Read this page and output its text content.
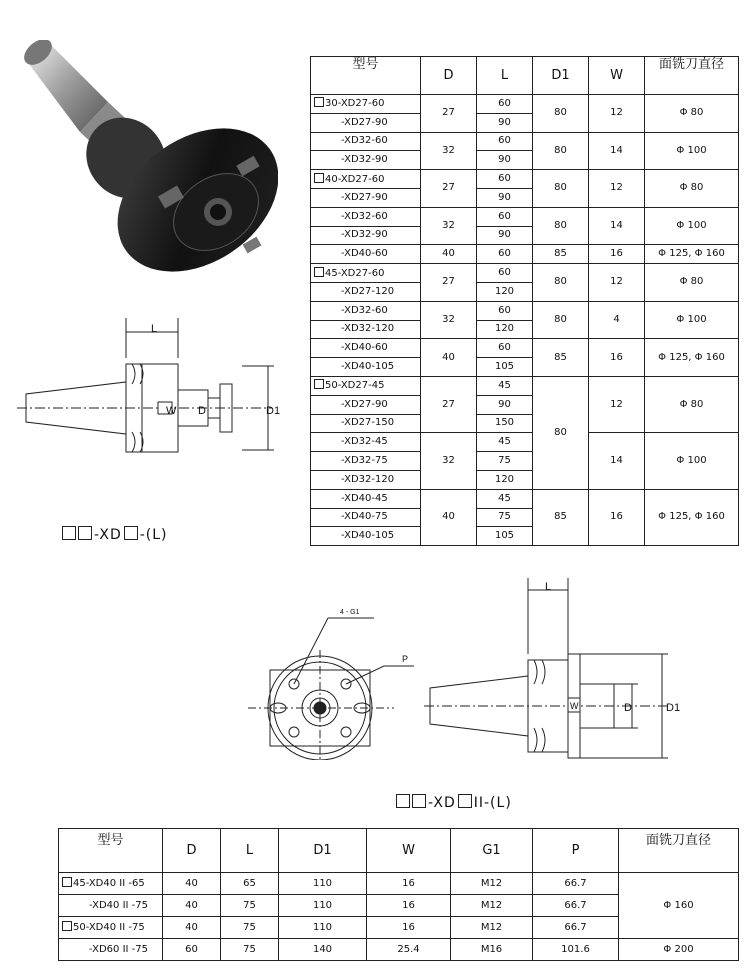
L
W D	D1
-XD -(L)
型号	D	L	D1	W	面铣刀直径
30-XD27-60	27	60	80	12	Φ 80
-XD27-90		90			
-XD32-60	32	60	80	14	Φ 100
-XD32-90		90			
40-XD27-60	27	60	80	12	Φ 80
-XD27-90		90			
-XD32-60	32	60	80	14	Φ 100
-XD32-90		90			
-XD40-60	40	60	85	16	Φ 125, Φ 160
45-XD27-60	27	60	80	12	Φ 80
-XD27-120		120			
-XD32-60	32	60	80	4	Φ 100
-XD32-120		120			
-XD40-60	40	60	85	16	Φ 125, Φ 160
-XD40-105		105			
50-XD27-45	27	45	80	12	Φ 80
-XD27-90		90			
-XD27-150		150			
-XD32-45	32	45		14	Φ 100
-XD32-75		75			
-XD32-120		120			
-XD40-45	40	45	85	16	Φ 125, Φ 160
-XD40-75		75			
-XD40-105		105			
4 - G1
P
L
W	D	D1
-XD II-(L)
型号	D	L	D1	W	G1	P	面铣刀直径
45-XD40 II -65	40	65	110	16	M12	66.7	Φ 160
-XD40 II -75	40	75	110	16	M12	66.7	
50-XD40 II -75	40	75	110	16	M12	66.7	
-XD60 II -75	60	75	140	25.4	M16	101.6	Φ 200
